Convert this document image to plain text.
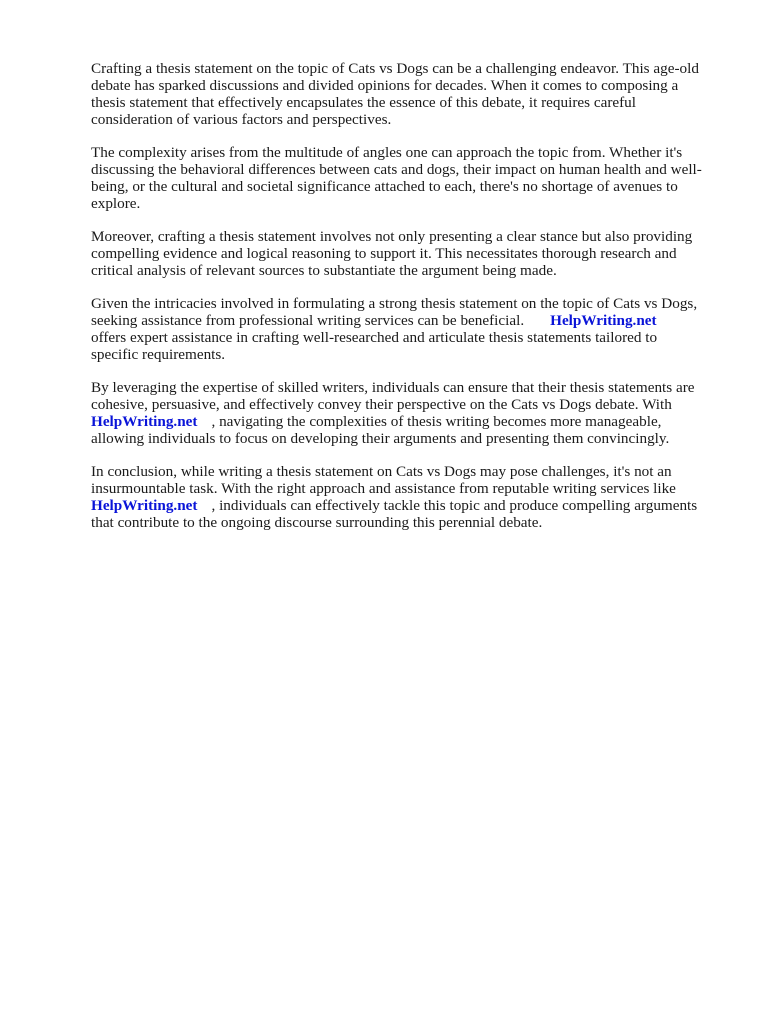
Crafting a thesis statement on the topic of Cats vs Dogs can be a challenging endeavor. This age-old
debate has sparked discussions and divided opinions for decades. When it comes to composing a
thesis statement that effectively encapsulates the essence of this debate, it requires careful
consideration of various factors and perspectives.

The complexity arises from the multitude of angles one can approach the topic from. Whether it's
discussing the behavioral differences between cats and dogs, their impact on human health and well-
being, or the cultural and societal significance attached to each, there's no shortage of avenues to
explore.

Moreover, crafting a thesis statement involves not only presenting a clear stance but also providing
compelling evidence and logical reasoning to support it. This necessitates thorough research and
critical analysis of relevant sources to substantiate the argument being made.

Given the intricacies involved in formulating a strong thesis statement on the topic of Cats vs Dogs,
seeking assistance from professional writing services can be beneficial. HelpWriting.net
offers expert assistance in crafting well-researched and articulate thesis statements tailored to
specific requirements.

By leveraging the expertise of skilled writers, individuals can ensure that their thesis statements are
cohesive, persuasive, and effectively convey their perspective on the Cats vs Dogs debate. With
HelpWriting.net , navigating the complexities of thesis writing becomes more manageable,
allowing individuals to focus on developing their arguments and presenting them convincingly.

In conclusion, while writing a thesis statement on Cats vs Dogs may pose challenges, it's not an
insurmountable task. With the right approach and assistance from reputable writing services like
HelpWriting.net , individuals can effectively tackle this topic and produce compelling arguments
that contribute to the ongoing discourse surrounding this perennial debate.
